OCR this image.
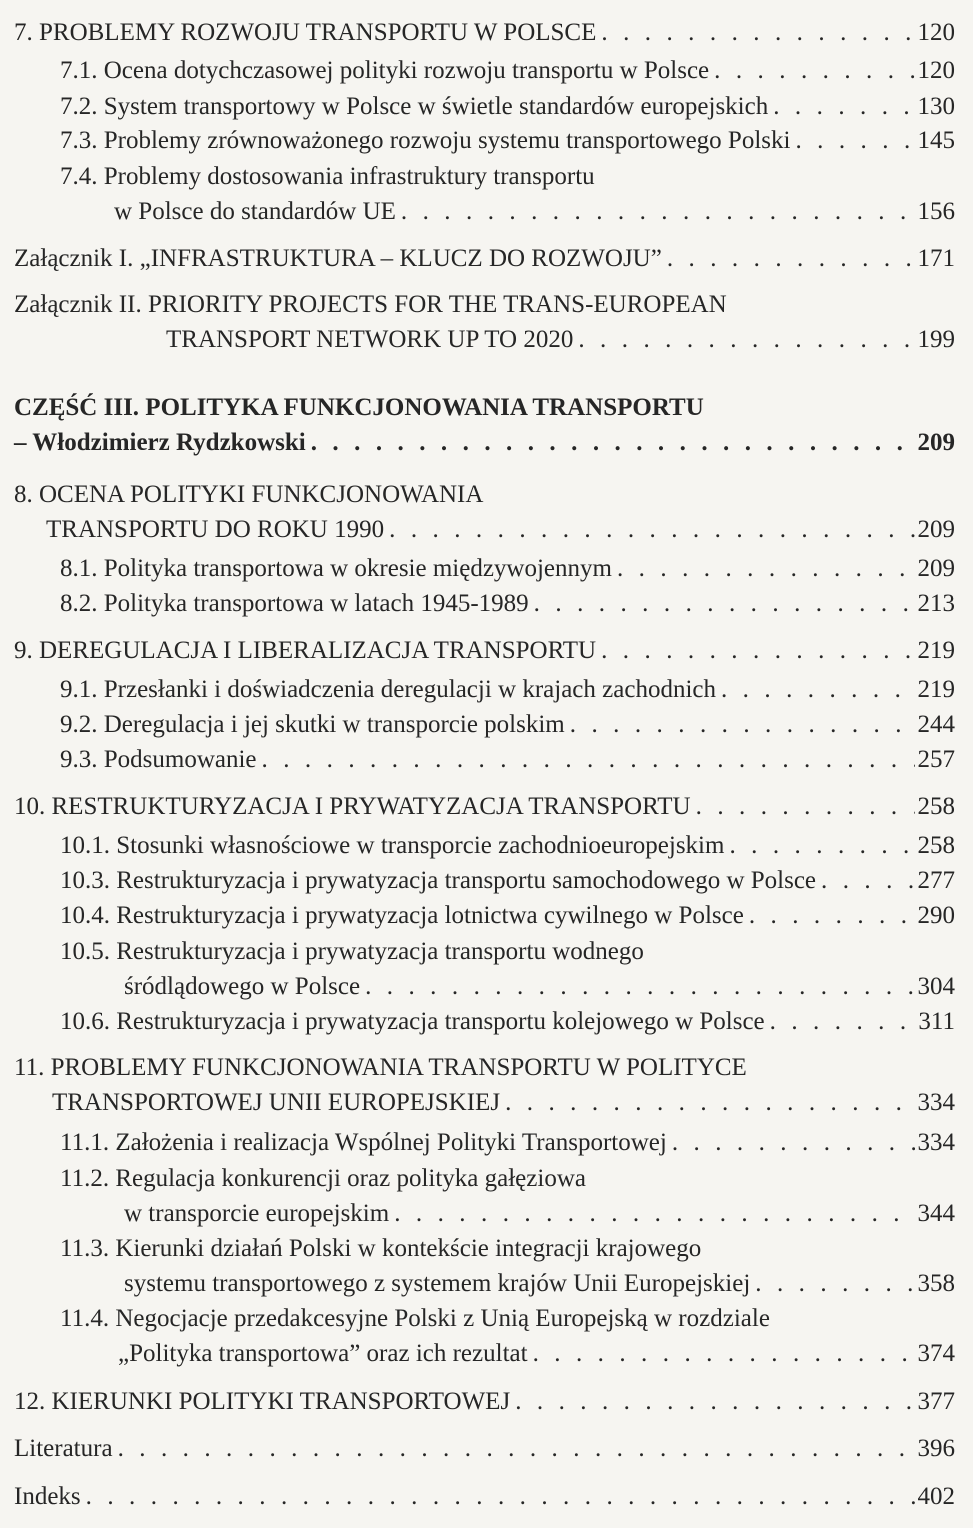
7. PROBLEMY ROZWOJU TRANSPORTU W POLSCE . . .	120
7.1. Ocena dotychczasowej polityki rozwoju transportu w Polsce . . .	120
7.2. System transportowy w Polsce w świetle standardów europejskich . . .	130
7.3. Problemy zrównoważonego rozwoju systemu transportowego Polski . . .	145
7.4. Problemy dostosowania infrastruktury transportu
w Polsce do standardów UE . . .	156
Załącznik I. „INFRASTRUKTURA – KLUCZ DO ROZWOJU” . . .	171
Załącznik II. PRIORITY PROJECTS FOR THE TRANS-EUROPEAN
TRANSPORT NETWORK UP TO 2020 . . .	199
CZĘŚĆ III. POLITYKA FUNKCJONOWANIA TRANSPORTU
– Włodzimierz Rydzkowski . . .	209
8. OCENA POLITYKI FUNKCJONOWANIA
TRANSPORTU DO ROKU 1990 . . .	209
8.1. Polityka transportowa w okresie międzywojennym . . .	209
8.2. Polityka transportowa w latach 1945-1989 . . .	213
9. DEREGULACJA I LIBERALIZACJA TRANSPORTU . . .	219
9.1. Przesłanki i doświadczenia deregulacji w krajach zachodnich . . .	219
9.2. Deregulacja i jej skutki w transporcie polskim . . .	244
9.3. Podsumowanie . . .	257
10. RESTRUKTURYZACJA I PRYWATYZACJA TRANSPORTU . . .	258
10.1. Stosunki własnościowe w transporcie zachodnioeuropejskim . . .	258
10.3. Restrukturyzacja i prywatyzacja transportu samochodowego w Polsce . . .	277
10.4. Restrukturyzacja i prywatyzacja lotnictwa cywilnego w Polsce . . .	290
10.5. Restrukturyzacja i prywatyzacja transportu wodnego
śródlądowego w Polsce . . .	304
10.6. Restrukturyzacja i prywatyzacja transportu kolejowego w Polsce . . .	311
11. PROBLEMY FUNKCJONOWANIA TRANSPORTU W POLITYCE
TRANSPORTOWEJ UNII EUROPEJSKIEJ . . .	334
11.1. Założenia i realizacja Wspólnej Polityki Transportowej . . .	334
11.2. Regulacja konkurencji oraz polityka gałęziowa
w transporcie europejskim . . .	344
11.3. Kierunki działań Polski w kontekście integracji krajowego
systemu transportowego z systemem krajów Unii Europejskiej . . .	358
11.4. Negocjacje przedakcesyjne Polski z Unią Europejską w rozdziale
„Polityka transportowa” oraz ich rezultat . . .	374
12. KIERUNKI POLITYKI TRANSPORTOWEJ . . .	377
Literatura . . .	396
Indeks . . .	402
